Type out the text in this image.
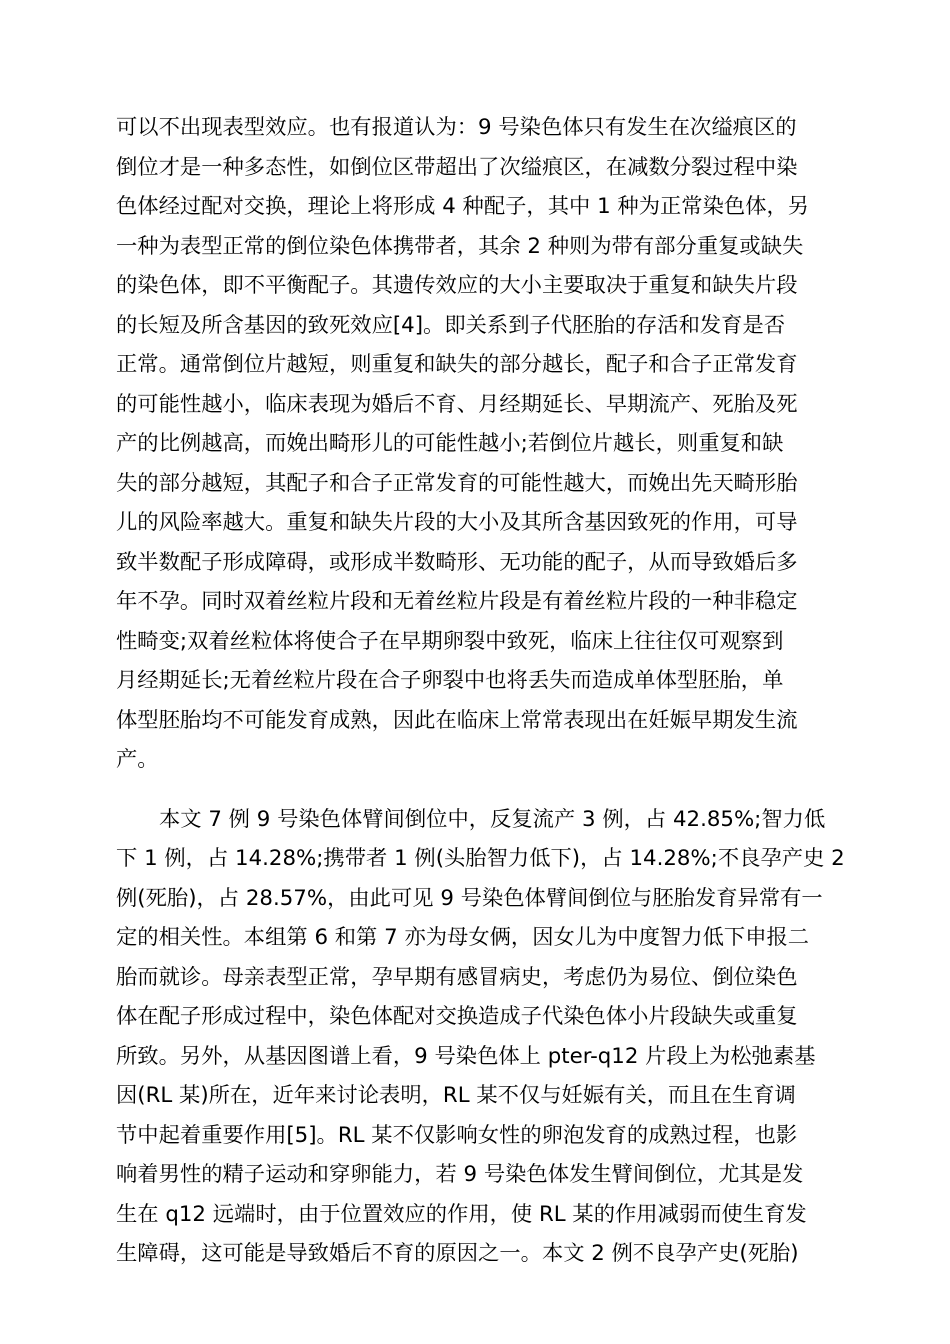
可以不出现表型效应。也有报道认为：9 号染色体只有发生在次缢痕区的
倒位才是一种多态性，如倒位区带超出了次缢痕区，在减数分裂过程中染
色体经过配对交换，理论上将形成 4 种配子，其中 1 种为正常染色体，另
一种为表型正常的倒位染色体携带者，其余 2 种则为带有部分重复或缺失
的染色体，即不平衡配子。其遗传效应的大小主要取决于重复和缺失片段
的长短及所含基因的致死效应[4]。即关系到子代胚胎的存活和发育是否
正常。通常倒位片越短，则重复和缺失的部分越长，配子和合子正常发育
的可能性越小，临床表现为婚后不育、月经期延长、早期流产、死胎及死
产的比例越高，而娩出畸形儿的可能性越小;若倒位片越长，则重复和缺
失的部分越短，其配子和合子正常发育的可能性越大，而娩出先天畸形胎
儿的风险率越大。重复和缺失片段的大小及其所含基因致死的作用，可导
致半数配子形成障碍，或形成半数畸形、无功能的配子，从而导致婚后多
年不孕。同时双着丝粒片段和无着丝粒片段是有着丝粒片段的一种非稳定
性畸变;双着丝粒体将使合子在早期卵裂中致死，临床上往往仅可观察到
月经期延长;无着丝粒片段在合子卵裂中也将丢失而造成单体型胚胎，单
体型胚胎均不可能发育成熟，因此在临床上常常表现出在妊娠早期发生流
产。
本文 7 例 9 号染色体臂间倒位中，反复流产 3 例，占 42.85%;智力低
下 1 例，占 14.28%;携带者 1 例(头胎智力低下)，占 14.28%;不良孕产史 2
例(死胎)，占 28.57%，由此可见 9 号染色体臂间倒位与胚胎发育异常有一
定的相关性。本组第 6 和第 7 亦为母女俩，因女儿为中度智力低下申报二
胎而就诊。母亲表型正常，孕早期有感冒病史，考虑仍为易位、倒位染色
体在配子形成过程中，染色体配对交换造成子代染色体小片段缺失或重复
所致。另外，从基因图谱上看，9 号染色体上 pter-q12 片段上为松弛素基
因(RL 某)所在，近年来讨论表明，RL 某不仅与妊娠有关，而且在生育调
节中起着重要作用[5]。RL 某不仅影响女性的卵泡发育的成熟过程，也影
响着男性的精子运动和穿卵能力，若 9 号染色体发生臂间倒位，尤其是发
生在 q12 远端时，由于位置效应的作用，使 RL 某的作用减弱而使生育发
生障碍，这可能是导致婚后不育的原因之一。本文 2 例不良孕产史(死胎)
